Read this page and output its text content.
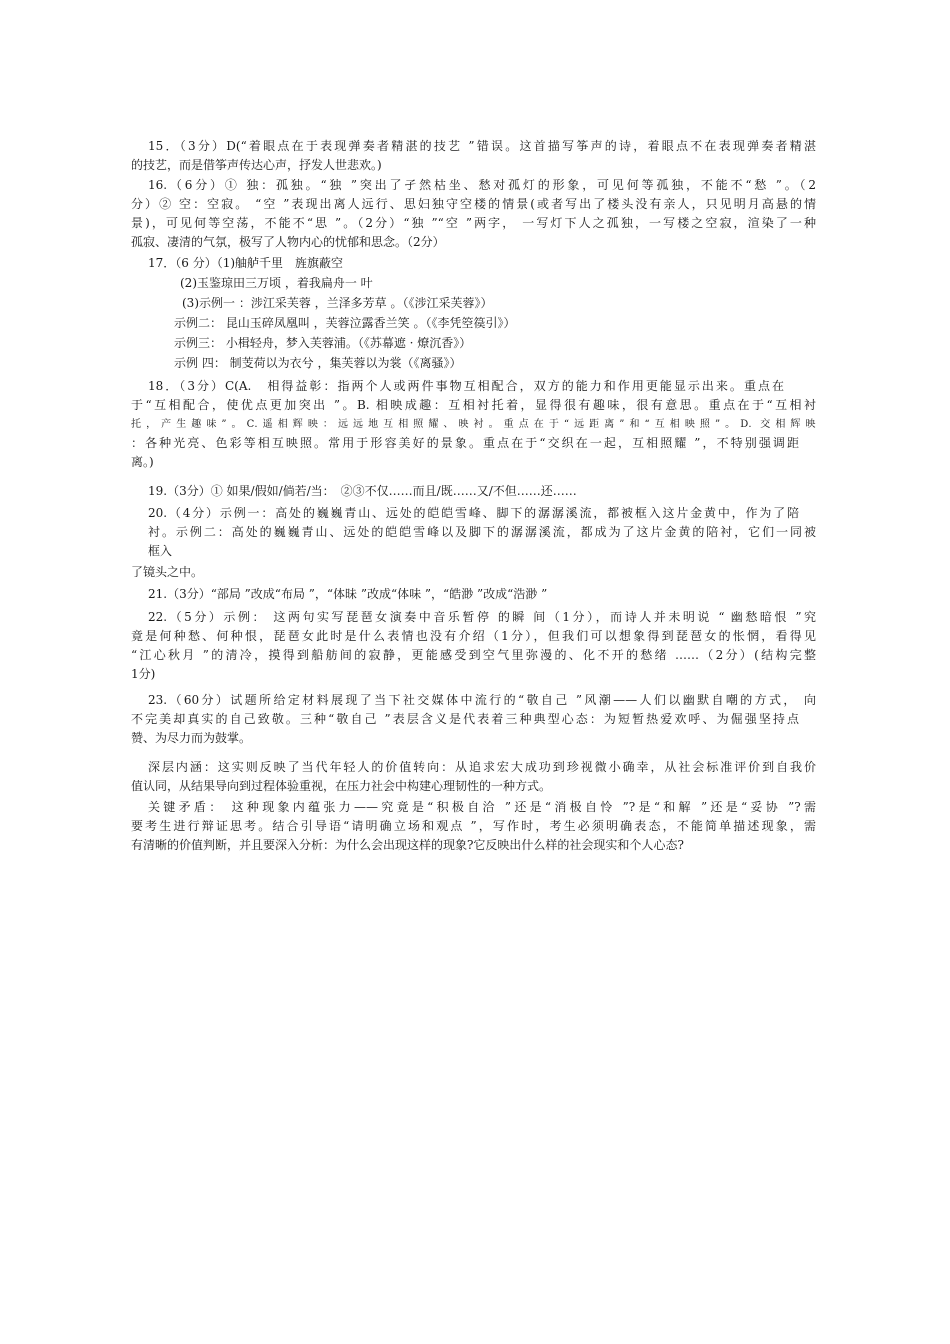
15．（3分）D(“着眼点在于表现弹奏者精湛的技艺 ”错误。这首描写筝声的诗，着眼点不在表现弹奏者精湛
的技艺，而是借筝声传达心声，抒发人世悲欢。)
16.（6分）① 独：孤独。“独 ”突出了孑然枯坐、愁对孤灯的形象，可见何等孤独，不能不“愁 ”。（2
分）② 空：空寂。 “空 ”表现出离人远行、思妇独守空楼的情景(或者写出了楼头没有亲人，只见明月高悬的情
景)，可见何等空荡，不能不“思 ”。（2分）“独 ”“空 ”两字， 一写灯下人之孤独，一写楼之空寂，渲染了一种
孤寂、凄清的气氛，极写了人物内心的忧郁和思念。（2分）
17．（6 分）（1)舳舻千里　旌旗蔽空
(2)玉鉴琼田三万顷 ，着我扁舟一 叶
(3)示例一 ：涉江采芙蓉 ，兰泽多芳草 。（《涉江采芙蓉》）
示例二： 昆山玉碎凤凰叫 ，芙蓉泣露香兰笑 。（《李凭箜篌引》）
示例三： 小楫轻舟，梦入芙蓉浦。（《苏幕遮 · 燎沉香》）
示例 四： 制芰荷以为衣兮 ，集芙蓉以为裳（《离骚》）
18．（3分）C(A.　相得益彰：指两个人或两件事物互相配合，双方的能力和作用更能显示出来。重点在
于“互相配合，使优点更加突出 ”。B. 相映成趣：互相衬托着，显得很有趣味，很有意思。重点在于“互相衬
托，产生趣味”。C.遥相辉映：远远地互相照耀、映衬。重点在于“远距离”和“互相映照”。D. 交相辉映
：各种光亮、色彩等相互映照。常用于形容美好的景象。重点在于“交织在一起，互相照耀 ”，不特别强调距
离。)
19.（3分）① 如果/假如/倘若/当：　②③不仅……而且/既……又/不但……还……
20.（4分）示例一：高处的巍巍青山、远处的皑皑雪峰、脚下的潺潺溪流，都被框入这片金黄中，作为了陪
衬。示例二：高处的巍巍青山、远处的皑皑雪峰以及脚下的潺潺溪流，都成为了这片金黄的陪衬，它们一同被
框入
了镜头之中。
21.（3分）“部局 ”改成“布局 ”，“体昧 ”改成“体味 ”，“皓渺 ”改成“浩渺 ”
22.（5分）示例： 这两句实写琵琶女演奏中音乐暂停 的瞬 间（1分），而诗人并未明说 “ 幽愁暗恨 ”究
竟是何种愁、何种恨，琵琶女此时是什么表情也没有介绍（1分），但我们可以想象得到琵琶女的怅惘，看得见
“江心秋月 ”的清冷，摸得到船舫间的寂静，更能感受到空气里弥漫的、化不开的愁绪 ……（2分）(结构完整
1分)
23.（60分）试题所给定材料展现了当下社交媒体中流行的“敬自己 ”风潮——人们以幽默自嘲的方式， 向
不完美却真实的自己致敬。三种“敬自己 ”表层含义是代表着三种典型心态：为短暂热爱欢呼、为倔强坚持点
赞、为尽力而为鼓掌。
深层内涵：这实则反映了当代年轻人的价值转向：从追求宏大成功到珍视微小确幸，从社会标准评价到自我价
值认同，从结果导向到过程体验重视，在压力社会中构建心理韧性的一种方式。
关键矛盾： 这种现象内蕴张力——究竟是“积极自洽 ”还是“消极自怜 ”?是“和解 ”还是“妥协 ”?需
要考生进行辩证思考。结合引导语“请明确立场和观点 ”，写作时，考生必须明确表态，不能简单描述现象，需
有清晰的价值判断，并且要深入分析：为什么会出现这样的现象?它反映出什么样的社会现实和个人心态?
